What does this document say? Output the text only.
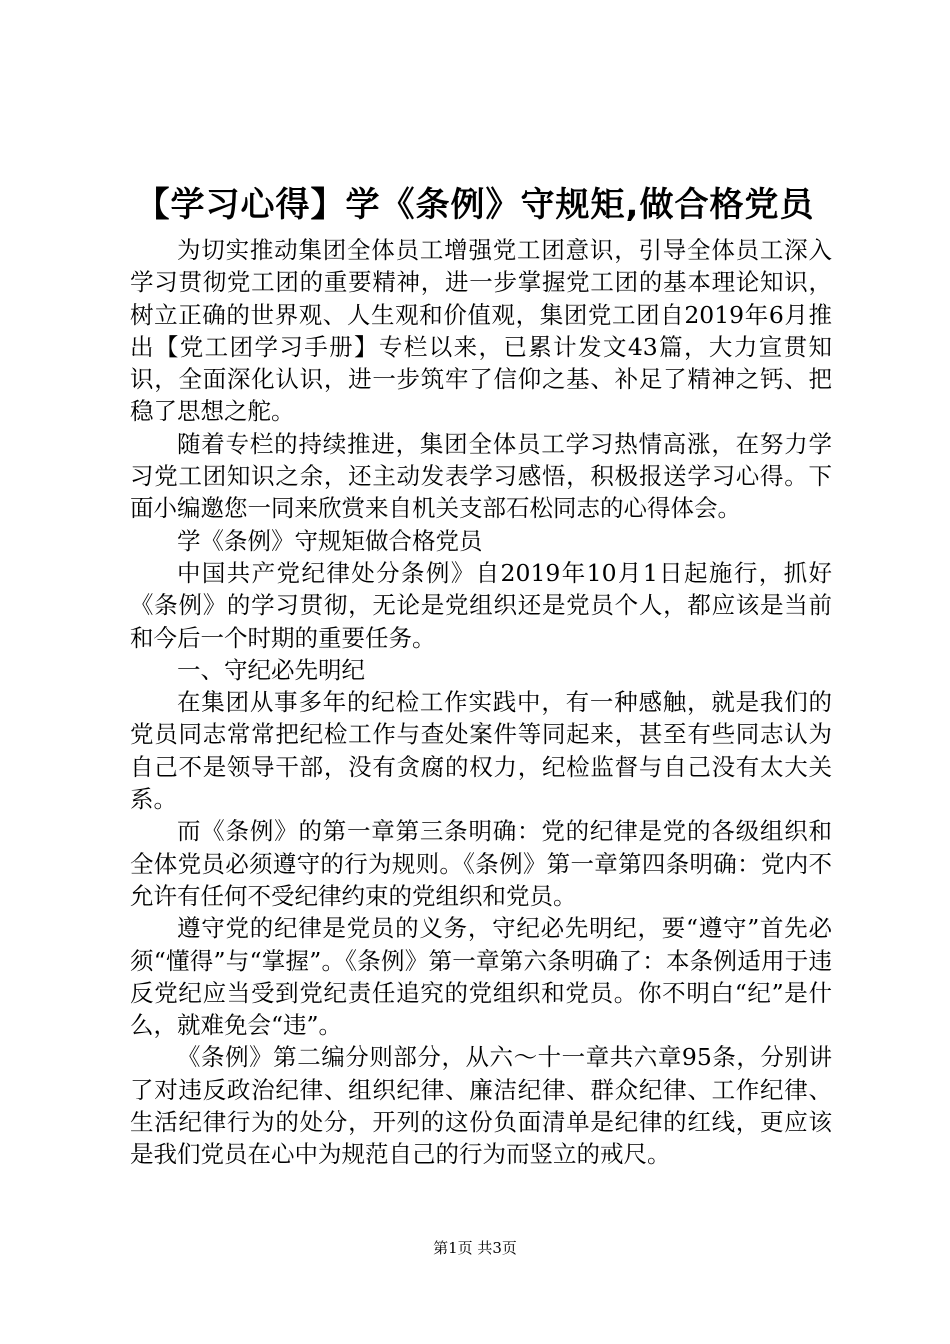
【学习心得】学《条例》守规矩,做合格党员

为切实推动集团全体员工增强党工团意识，引导全体员工深入学习贯彻党工团的重要精神，进一步掌握党工团的基本理论知识，树立正确的世界观、人生观和价值观，集团党工团自2019年6月推出【党工团学习手册】专栏以来，已累计发文43篇，大力宣贯知识，全面深化认识，进一步筑牢了信仰之基、补足了精神之钙、把稳了思想之舵。

随着专栏的持续推进，集团全体员工学习热情高涨，在努力学习党工团知识之余，还主动发表学习感悟，积极报送学习心得。下面小编邀您一同来欣赏来自机关支部石松同志的心得体会。

学《条例》守规矩做合格党员

中国共产党纪律处分条例》自2019年10月1日起施行，抓好《条例》的学习贯彻，无论是党组织还是党员个人，都应该是当前和今后一个时期的重要任务。

一、守纪必先明纪

在集团从事多年的纪检工作实践中，有一种感触，就是我们的党员同志常常把纪检工作与查处案件等同起来，甚至有些同志认为自己不是领导干部，没有贪腐的权力，纪检监督与自己没有太大关系。

而《条例》的第一章第三条明确：党的纪律是党的各级组织和全体党员必须遵守的行为规则。《条例》第一章第四条明确：党内不允许有任何不受纪律约束的党组织和党员。

遵守党的纪律是党员的义务，守纪必先明纪，要“遵守”首先必须“懂得”与“掌握”。《条例》第一章第六条明确了：本条例适用于违反党纪应当受到党纪责任追究的党组织和党员。你不明白“纪”是什么，就难免会“违”。

《条例》第二编分则部分，从六～十一章共六章95条，分别讲了对违反政治纪律、组织纪律、廉洁纪律、群众纪律、工作纪律、生活纪律行为的处分，开列的这份负面清单是纪律的红线，更应该是我们党员在心中为规范自己的行为而竖立的戒尺。

第1页 共3页
